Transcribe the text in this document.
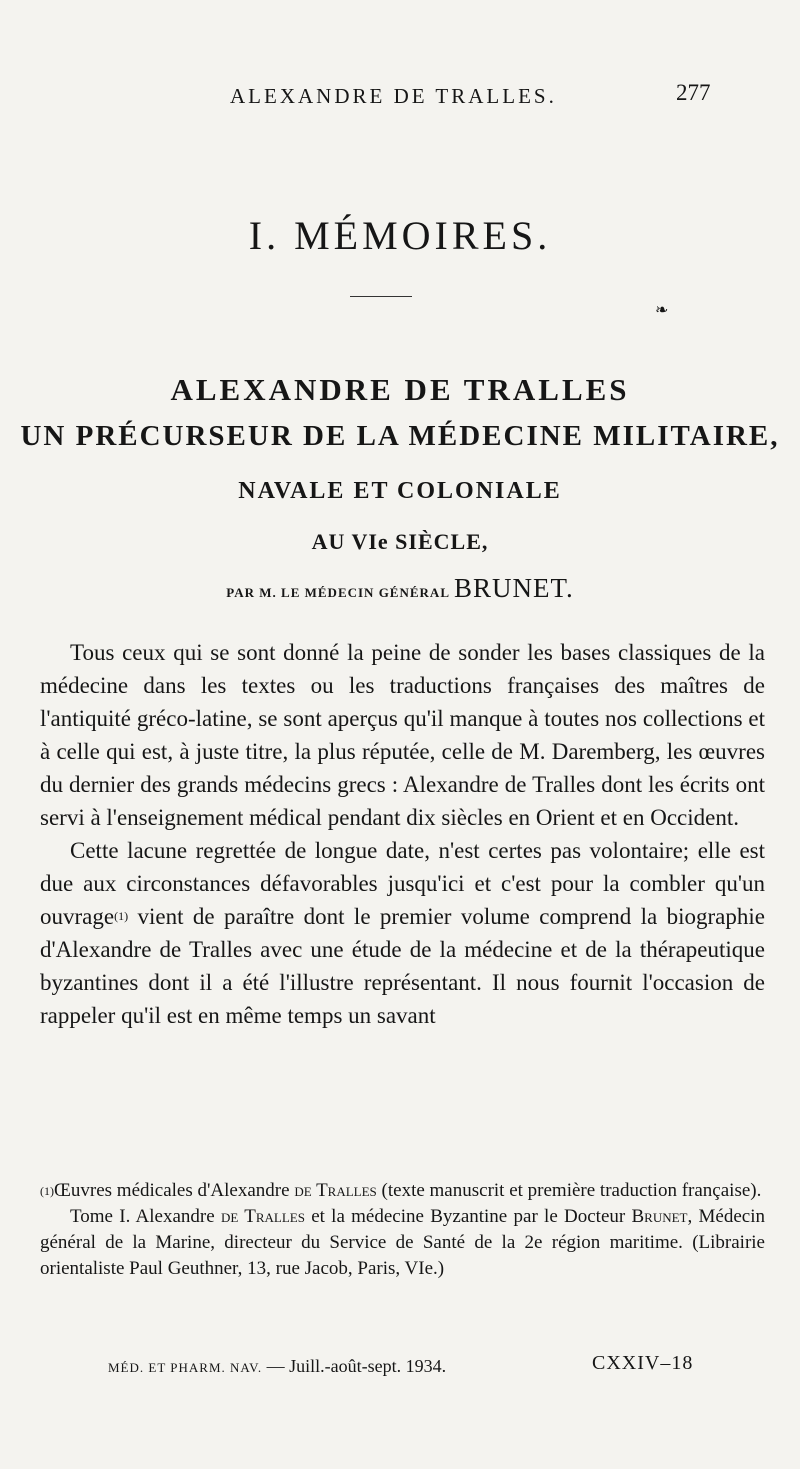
ALEXANDRE DE TRALLES.	277
I. MÉMOIRES.
❧
ALEXANDRE DE TRALLES
UN PRÉCURSEUR DE LA MÉDECINE MILITAIRE,
NAVALE ET COLONIALE
AU VIe SIÈCLE,
PAR M. LE MÉDECIN GÉNÉRAL BRUNET.

Tous ceux qui se sont donné la peine de sonder les bases classiques de la médecine dans les textes ou les traductions françaises des maîtres de l'antiquité gréco-latine, se sont aperçus qu'il manque à toutes nos collections et à celle qui est, à juste titre, la plus réputée, celle de M. Daremberg, les œuvres du dernier des grands médecins grecs : Alexandre de Tralles dont les écrits ont servi à l'enseignement médical pendant dix siècles en Orient et en Occident.

Cette lacune regrettée de longue date, n'est certes pas volontaire; elle est due aux circonstances défavorables jusqu'ici et c'est pour la combler qu'un ouvrage$^{(1)}$ vient de paraître dont le premier volume comprend la biographie d'Alexandre de Tralles avec une étude de la médecine et de la thérapeutique byzantines dont il a été l'illustre représentant. Il nous fournit l'occasion de rappeler qu'il est en même temps un savant

$^{(1)}$Œuvres médicales d'Alexandre de Tralles (texte manuscrit et première traduction française).

Tome I. Alexandre de Tralles et la médecine Byzantine par le Docteur Brunet, Médecin général de la Marine, directeur du Service de Santé de la 2e région maritime. (Librairie orientaliste Paul Geuthner, 13, rue Jacob, Paris, VIe.)

MÉD. ET PHARM. NAV. — Juill.-août-sept. 1934.	CXXIV–18
